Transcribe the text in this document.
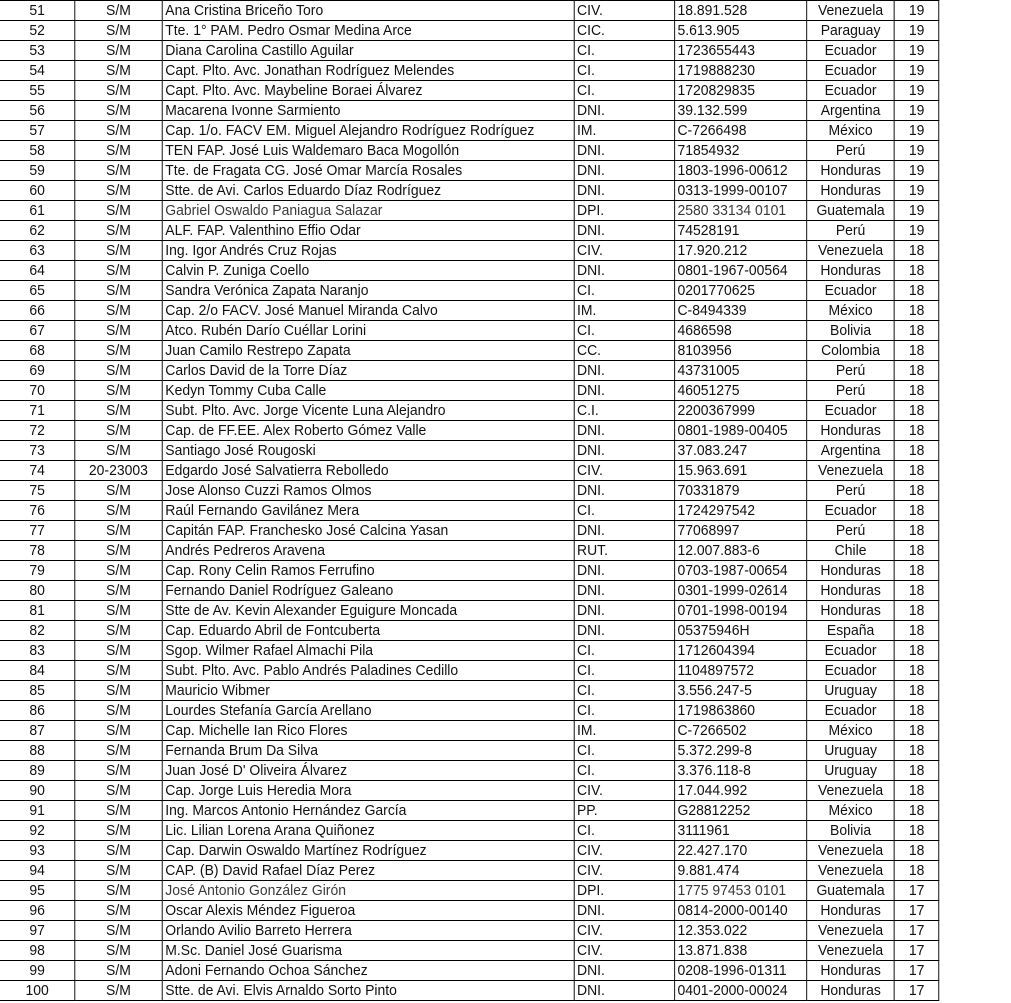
51	S/M	Ana Cristina Briceño Toro	CIV.	18.891.528	Venezuela	19
52	S/M	Tte. 1° PAM. Pedro Osmar Medina Arce	CIC.	5.613.905	Paraguay	19
53	S/M	Diana Carolina Castillo Aguilar	CI.	1723655443	Ecuador	19
54	S/M	Capt. Plto. Avc. Jonathan Rodríguez Melendes	CI.	1719888230	Ecuador	19
55	S/M	Capt. Plto. Avc. Maybeline Boraei Álvarez	CI.	1720829835	Ecuador	19
56	S/M	Macarena Ivonne Sarmiento	DNI.	39.132.599	Argentina	19
57	S/M	Cap. 1/o. FACV EM. Miguel Alejandro Rodríguez Rodríguez	IM.	C-7266498	México	19
58	S/M	TEN FAP. José Luis Waldemaro Baca Mogollón	DNI.	71854932	Perú	19
59	S/M	Tte. de Fragata CG. José Omar Marcía Rosales	DNI.	1803-1996-00612	Honduras	19
60	S/M	Stte. de Avi. Carlos Eduardo Díaz Rodríguez	DNI.	0313-1999-00107	Honduras	19
61	S/M	Gabriel Oswaldo Paniagua Salazar	DPI.	2580 33134 0101	Guatemala	19
62	S/M	ALF. FAP. Valenthino Effio Odar	DNI.	74528191	Perú	19
63	S/M	Ing. Igor Andrés Cruz Rojas	CIV.	17.920.212	Venezuela	18
64	S/M	Calvin P. Zuniga Coello	DNI.	0801-1967-00564	Honduras	18
65	S/M	Sandra Verónica Zapata Naranjo	CI.	0201770625	Ecuador	18
66	S/M	Cap. 2/o FACV. José Manuel Miranda Calvo	IM.	C-8494339	México	18
67	S/M	Atco. Rubén Darío Cuéllar Lorini	CI.	4686598	Bolivia	18
68	S/M	Juan Camilo Restrepo Zapata	CC.	8103956	Colombia	18
69	S/M	Carlos David de la Torre Díaz	DNI.	43731005	Perú	18
70	S/M	Kedyn Tommy Cuba Calle	DNI.	46051275	Perú	18
71	S/M	Subt. Plto. Avc. Jorge Vicente Luna Alejandro	C.I.	2200367999	Ecuador	18
72	S/M	Cap. de FF.EE. Alex Roberto Gómez Valle	DNI.	0801-1989-00405	Honduras	18
73	S/M	Santiago José Rougoski	DNI.	37.083.247	Argentina	18
74	20-23003	Edgardo José Salvatierra Rebolledo	CIV.	15.963.691	Venezuela	18
75	S/M	Jose Alonso Cuzzi Ramos Olmos	DNI.	70331879	Perú	18
76	S/M	Raúl Fernando Gavilánez Mera	CI.	1724297542	Ecuador	18
77	S/M	Capitán FAP. Franchesko José Calcina Yasan	DNI.	77068997	Perú	18
78	S/M	Andrés Pedreros Aravena	RUT.	12.007.883-6	Chile	18
79	S/M	Cap. Rony Celin Ramos Ferrufino	DNI.	0703-1987-00654	Honduras	18
80	S/M	Fernando Daniel Rodríguez Galeano	DNI.	0301-1999-02614	Honduras	18
81	S/M	Stte de Av. Kevin Alexander Eguigure Moncada	DNI.	0701-1998-00194	Honduras	18
82	S/M	Cap. Eduardo Abril de Fontcuberta	DNI.	05375946H	España	18
83	S/M	Sgop. Wilmer Rafael Almachi Pila	CI.	1712604394	Ecuador	18
84	S/M	Subt. Plto. Avc. Pablo Andrés Paladines Cedillo	CI.	1104897572	Ecuador	18
85	S/M	Mauricio Wibmer	CI.	3.556.247-5	Uruguay	18
86	S/M	Lourdes Stefanía García Arellano	CI.	1719863860	Ecuador	18
87	S/M	Cap. Michelle Ian Rico Flores	IM.	C-7266502	México	18
88	S/M	Fernanda Brum Da Silva	CI.	5.372.299-8	Uruguay	18
89	S/M	Juan José D' Oliveira Álvarez	CI.	3.376.118-8	Uruguay	18
90	S/M	Cap. Jorge Luis Heredia Mora	CIV.	17.044.992	Venezuela	18
91	S/M	Ing. Marcos Antonio Hernández García	PP.	G28812252	México	18
92	S/M	Lic. Lilian Lorena Arana Quiñonez	CI.	3111961	Bolivia	18
93	S/M	Cap. Darwin Oswaldo Martínez Rodríguez	CIV.	22.427.170	Venezuela	18
94	S/M	CAP. (B) David Rafael Díaz Perez	CIV.	9.881.474	Venezuela	18
95	S/M	José Antonio González Girón	DPI.	1775 97453 0101	Guatemala	17
96	S/M	Oscar Alexis Méndez Figueroa	DNI.	0814-2000-00140	Honduras	17
97	S/M	Orlando Avilio Barreto Herrera	CIV.	12.353.022	Venezuela	17
98	S/M	M.Sc. Daniel José Guarisma	CIV.	13.871.838	Venezuela	17
99	S/M	Adoni Fernando Ochoa Sánchez	DNI.	0208-1996-01311	Honduras	17
100	S/M	Stte. de Avi. Elvis Arnaldo Sorto Pinto	DNI.	0401-2000-00024	Honduras	17
